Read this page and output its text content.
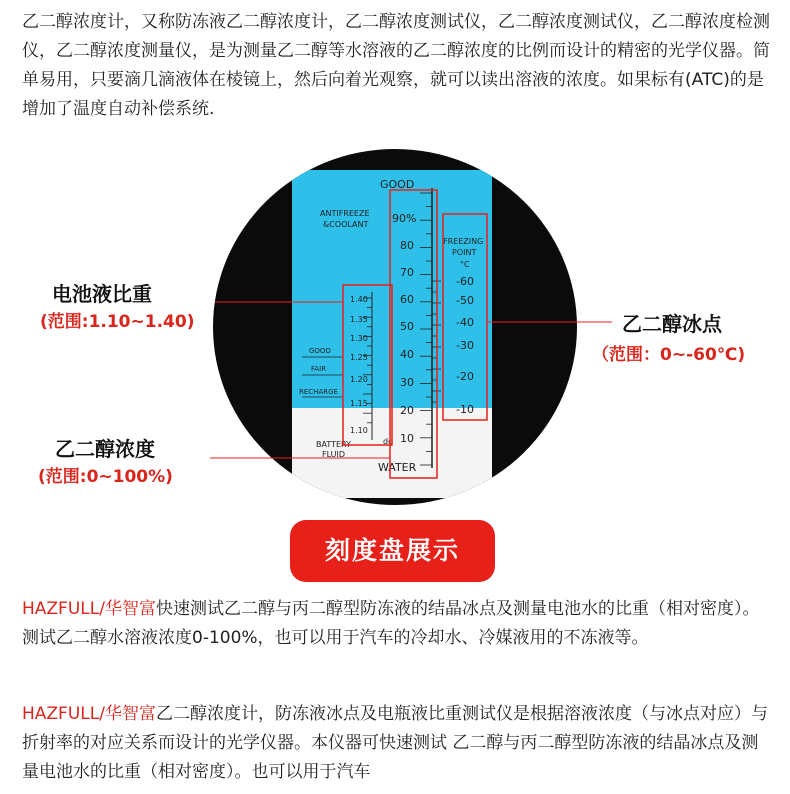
乙二醇浓度计，又称防冻液乙二醇浓度计，乙二醇浓度测试仪，乙二醇浓度测试仪，乙二醇浓度检测仪，乙二醇浓度测量仪，是为测量乙二醇等水溶液的乙二醇浓度的比例而设计的精密的光学仪器。简单易用，只要滴几滴液体在棱镜上，然后向着光观察，就可以读出溶液的浓度。如果标有(ATC)的是增加了温度自动补偿系统.

90%
80
70
60
50
40
30
20
10
GOOD
WATER
ANTIFREEZE
&COOLANT
FREEZING
POINT
°C
-60
-50
-40
-30
-20
-10
1.40
1.35
1.30
1.25
1.20
1.15
1.10
dg
GOOD
FAIR
RECHARGE
BATTERY
FLUID
电池液比重
(范围:1.10~1.40)
乙二醇浓度
(范围:0~100%)
乙二醇冰点
（范围：0~-60℃)
刻度盘展示

HAZFULL/华智富快速测试乙二醇与丙二醇型防冻液的结晶冰点及测量电池水的比重（相对密度）。测试乙二醇水溶液浓度0-100%，也可以用于汽车的冷却水、冷媒液用的不冻液等。

HAZFULL/华智富乙二醇浓度计，防冻液冰点及电瓶液比重测试仪是根据溶液浓度（与冰点对应）与折射率的对应关系而设计的光学仪器。本仪器可快速测试 乙二醇与丙二醇型防冻液的结晶冰点及测量电池水的比重（相对密度）。也可以用于汽车
